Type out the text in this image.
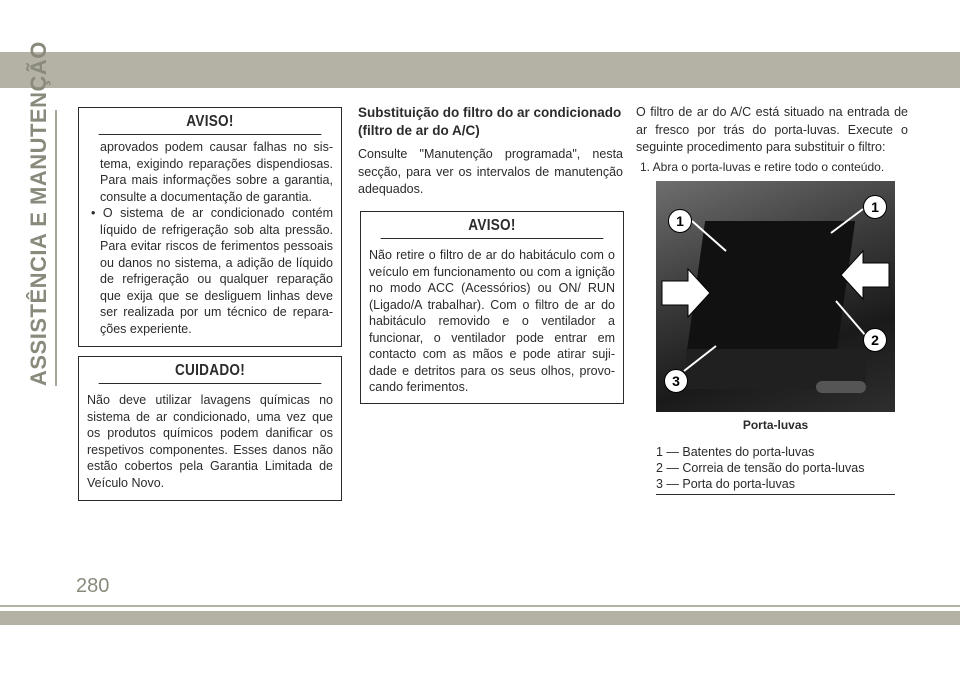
ASSISTÊNCIA E MANUTENÇÃO	AVISO!

aprovados podem causar falhas no sis-tema, exigindo reparações dispendiosas. Para mais informações sobre a garantia, consulte a documentação de garantia.

• O sistema de ar condicionado contém líquido de refrigeração sob alta pressão. Para evitar riscos de ferimentos pessoais ou danos no sistema, a adição de líquido de refrigeração ou qualquer reparação que exija que se desliguem linhas deve ser realizada por um técnico de repara-ções experiente.

CUIDADO!
Não deve utilizar lavagens químicas no sistema de ar condicionado, uma vez que os produtos químicos podem danificar os respetivos componentes. Esses danos não estão cobertos pela Garantia Limitada de Veículo Novo.
Substituição do filtro do ar condicionado (filtro de ar do A/C)
Consulte "Manutenção programada", nesta secção, para ver os intervalos de manutenção adequados.
AVISO!
Não retire o filtro de ar do habitáculo com o veículo em funcionamento ou com a ignição no modo ACC (Acessórios) ou ON/ RUN (Ligado/A trabalhar). Com o filtro de ar do habitáculo removido e o ventilador a funcionar, o ventilador pode entrar em contacto com as mãos e pode atirar suji-dade e detritos para os seus olhos, provo-cando ferimentos.
O filtro de ar do A/C está situado na entrada de ar fresco por trás do porta-luvas. Execute o seguinte procedimento para substituir o filtro:
1. Abra o porta-luvas e retire todo o conteúdo.
1
1
2
3
Porta-luvas
1 — Batentes do porta-luvas
2 — Correia de tensão do porta-luvas
3 — Porta do porta-luvas
280
